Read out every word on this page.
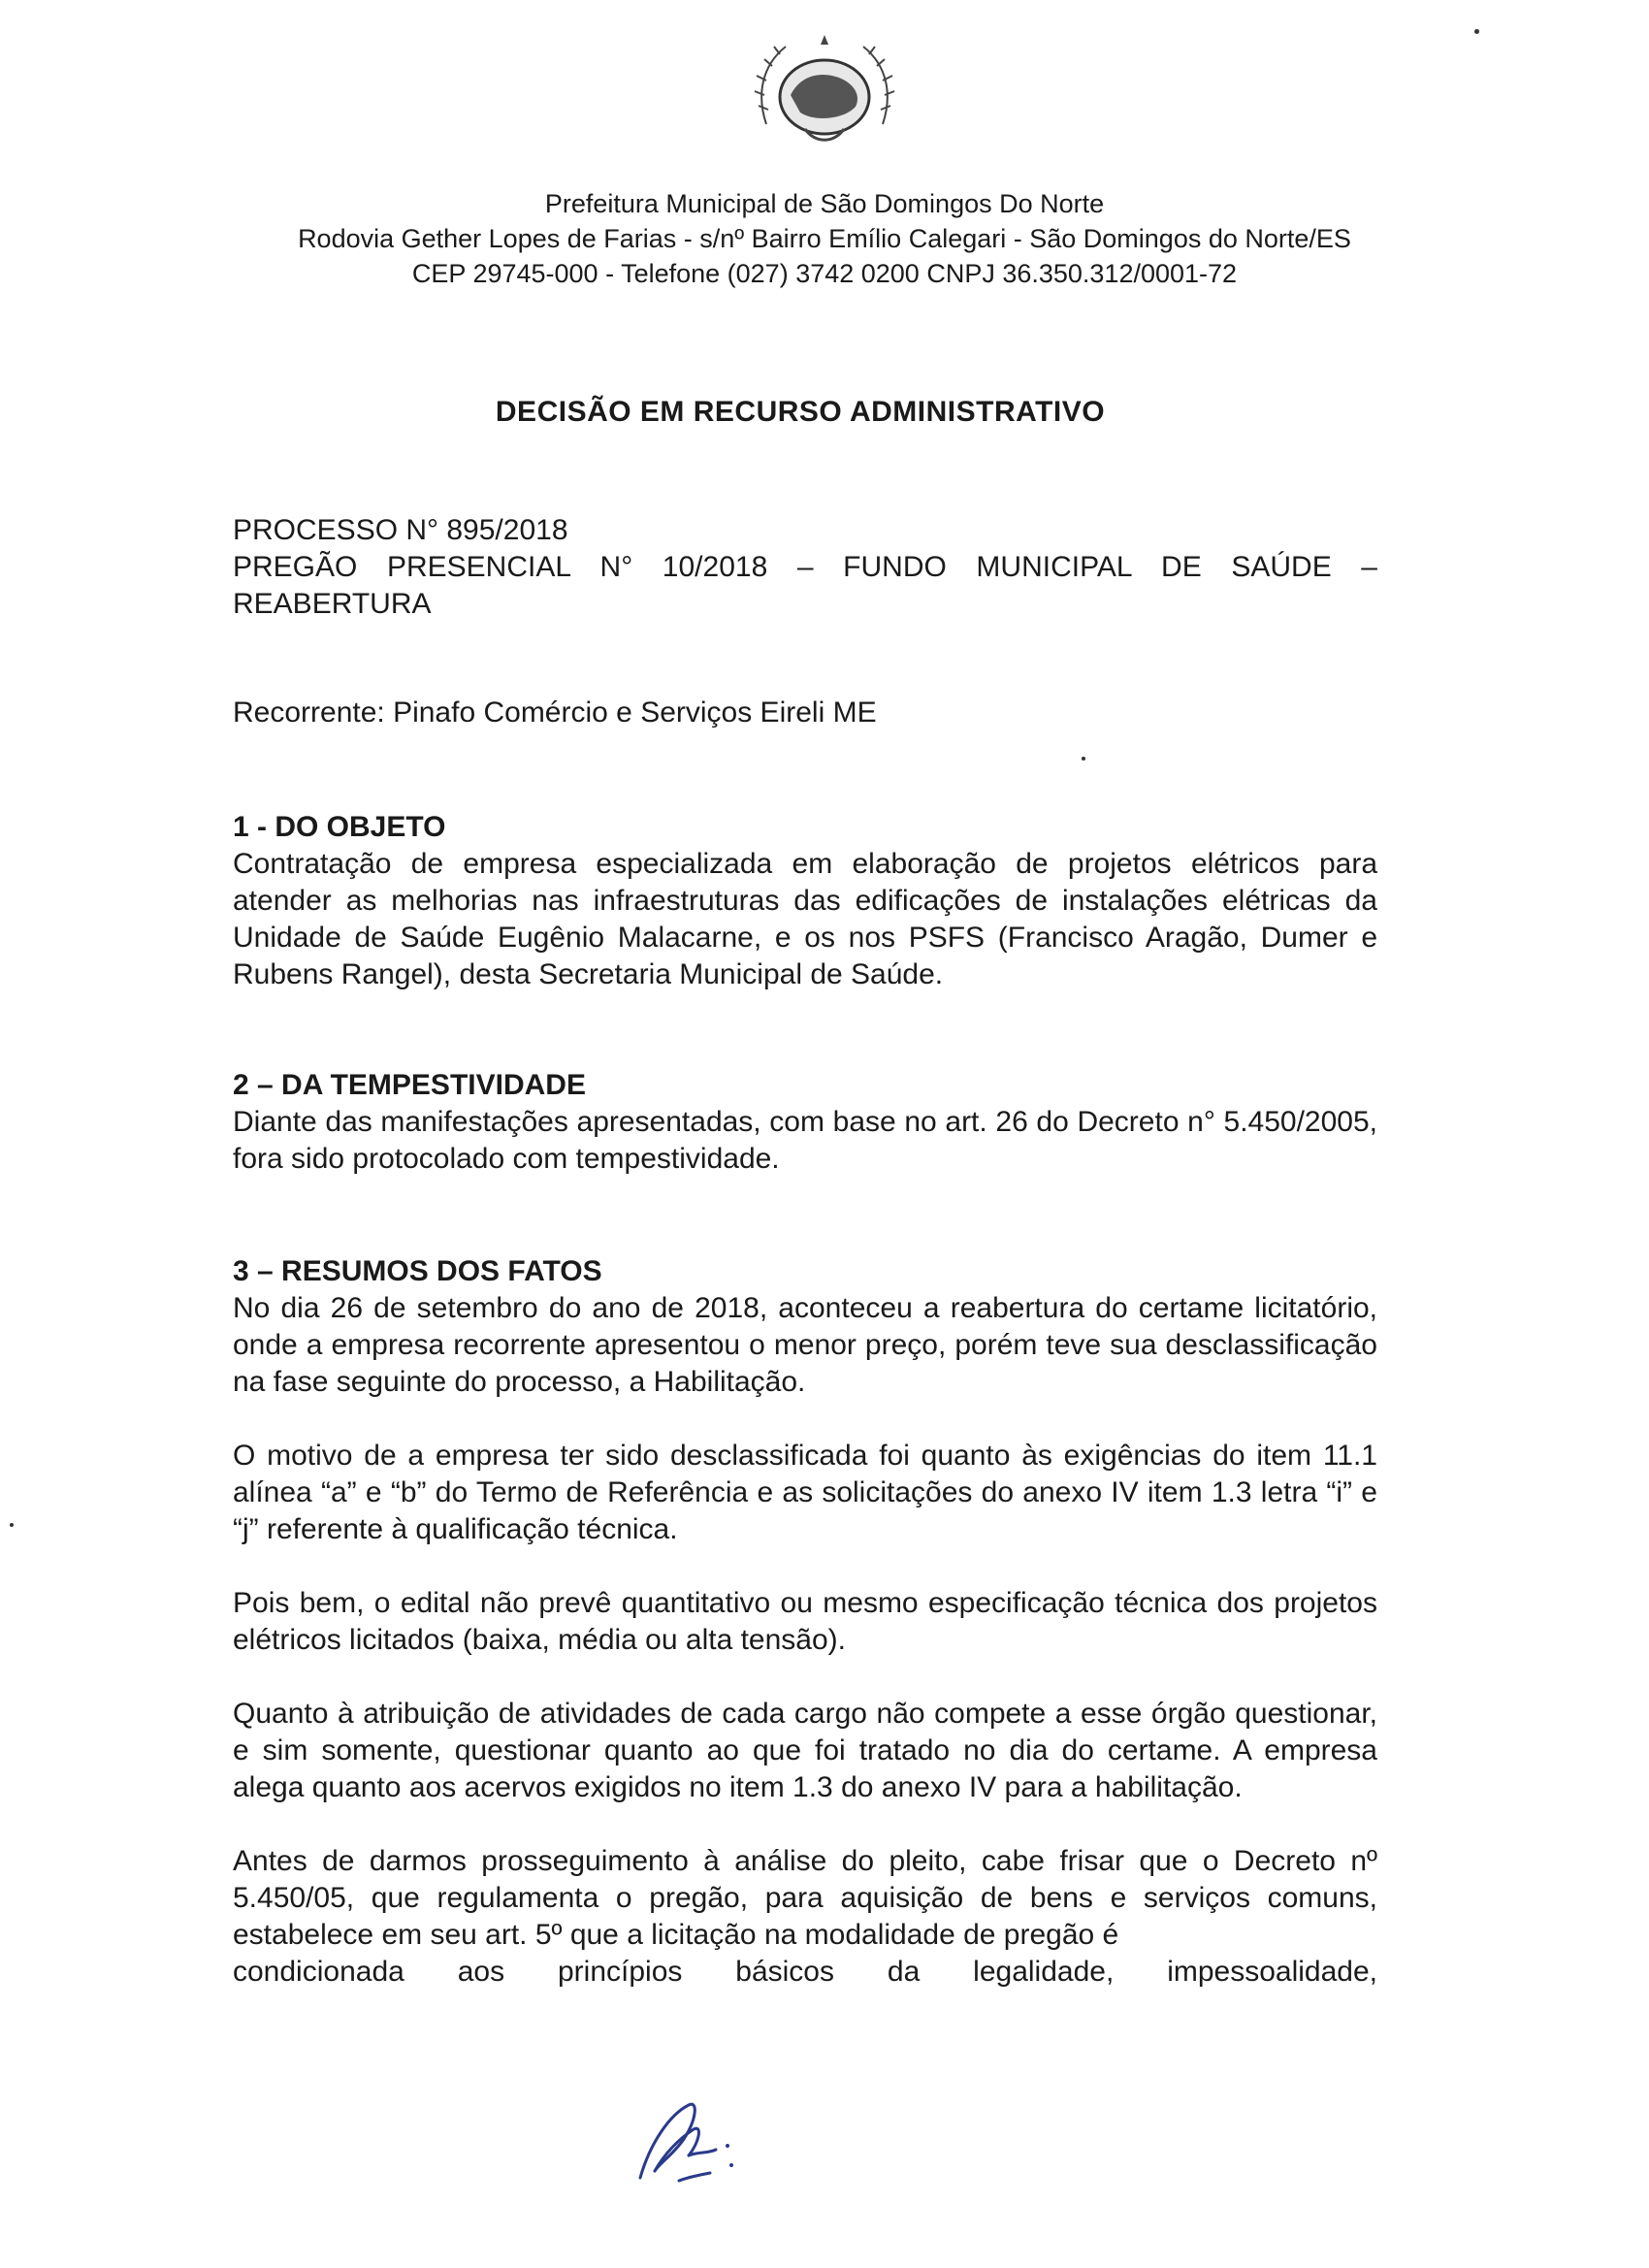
Prefeitura Municipal de São Domingos Do Norte
Rodovia Gether Lopes de Farias - s/nº Bairro Emílio Calegari - São Domingos do Norte/ES
CEP 29745-000 - Telefone (027) 3742 0200 CNPJ 36.350.312/0001-72
DECISÃO EM RECURSO ADMINISTRATIVO

PROCESSO N° 895/2018

PREGÃO PRESENCIAL N° 10/2018 – FUNDO MUNICIPAL DE SAÚDE –

REABERTURA

Recorrente: Pinafo Comércio e Serviços Eireli ME
1 - DO OBJETO

Contratação de empresa especializada em elaboração de projetos elétricos para atender as melhorias nas infraestruturas das edificações de instalações elétricas da Unidade de Saúde Eugênio Malacarne, e os nos PSFS (Francisco Aragão, Dumer e Rubens Rangel), desta Secretaria Municipal de Saúde.

2 – DA TEMPESTIVIDADE

Diante das manifestações apresentadas, com base no art. 26 do Decreto n° 5.450/2005, fora sido protocolado com tempestividade.

3 – RESUMOS DOS FATOS

No dia 26 de setembro do ano de 2018, aconteceu a reabertura do certame licitatório, onde a empresa recorrente apresentou o menor preço, porém teve sua desclassificação na fase seguinte do processo, a Habilitação.

O motivo de a empresa ter sido desclassificada foi quanto às exigências do item 11.1 alínea “a” e “b” do Termo de Referência e as solicitações do anexo IV item 1.3 letra “i” e “j” referente à qualificação técnica.

Pois bem, o edital não prevê quantitativo ou mesmo especificação técnica dos projetos elétricos licitados (baixa, média ou alta tensão).

Quanto à atribuição de atividades de cada cargo não compete a esse órgão questionar, e sim somente, questionar quanto ao que foi tratado no dia do certame. A empresa alega quanto aos acervos exigidos no item 1.3 do anexo IV para a habilitação.

Antes de darmos prosseguimento à análise do pleito, cabe frisar que o Decreto nº 5.450/05, que regulamenta o pregão, para aquisição de bens e serviços comuns, estabelece em seu art. 5º que a licitação na modalidade de pregão é

condicionada aos princípios básicos da legalidade, impessoalidade,
